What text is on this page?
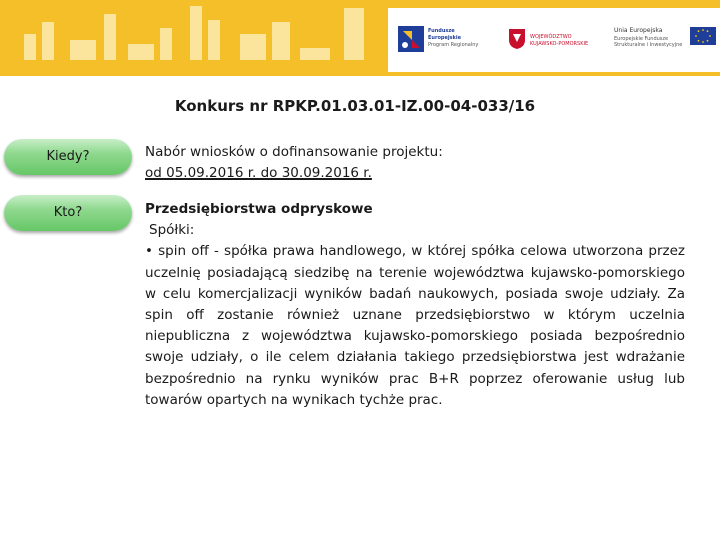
Fundusze
Europejskie
Program Regionalny
WOJEWÓDZTWO
KUJAWSKO-POMORSKIE
Unia Europejska
Europejskie Fundusze
Strukturalne i Inwestycyjne
Konkurs nr RPKP.01.03.01-IZ.00-04-033/16
Kiedy?
Kto?
Nabór wniosków o dofinansowanie projektu:
od 05.09.2016 r. do 30.09.2016 r.
Przedsiębiorstwa odpryskowe
Spółki:
• spin off - spółka prawa handlowego, w której spółka celowa utworzona przez uczelnię posiadającą siedzibę na terenie województwa kujawsko-pomorskiego w celu komercjalizacji wyników badań naukowych, posiada swoje udziały. Za spin off zostanie również uznane przedsiębiorstwo w którym uczelnia niepubliczna z województwa kujawsko-pomorskiego posiada bezpośrednio swoje udziały, o ile celem działania takiego przedsiębiorstwa jest wdrażanie bezpośrednio na rynku wyników prac B+R poprzez oferowanie usług lub towarów opartych na wynikach tychże prac.
